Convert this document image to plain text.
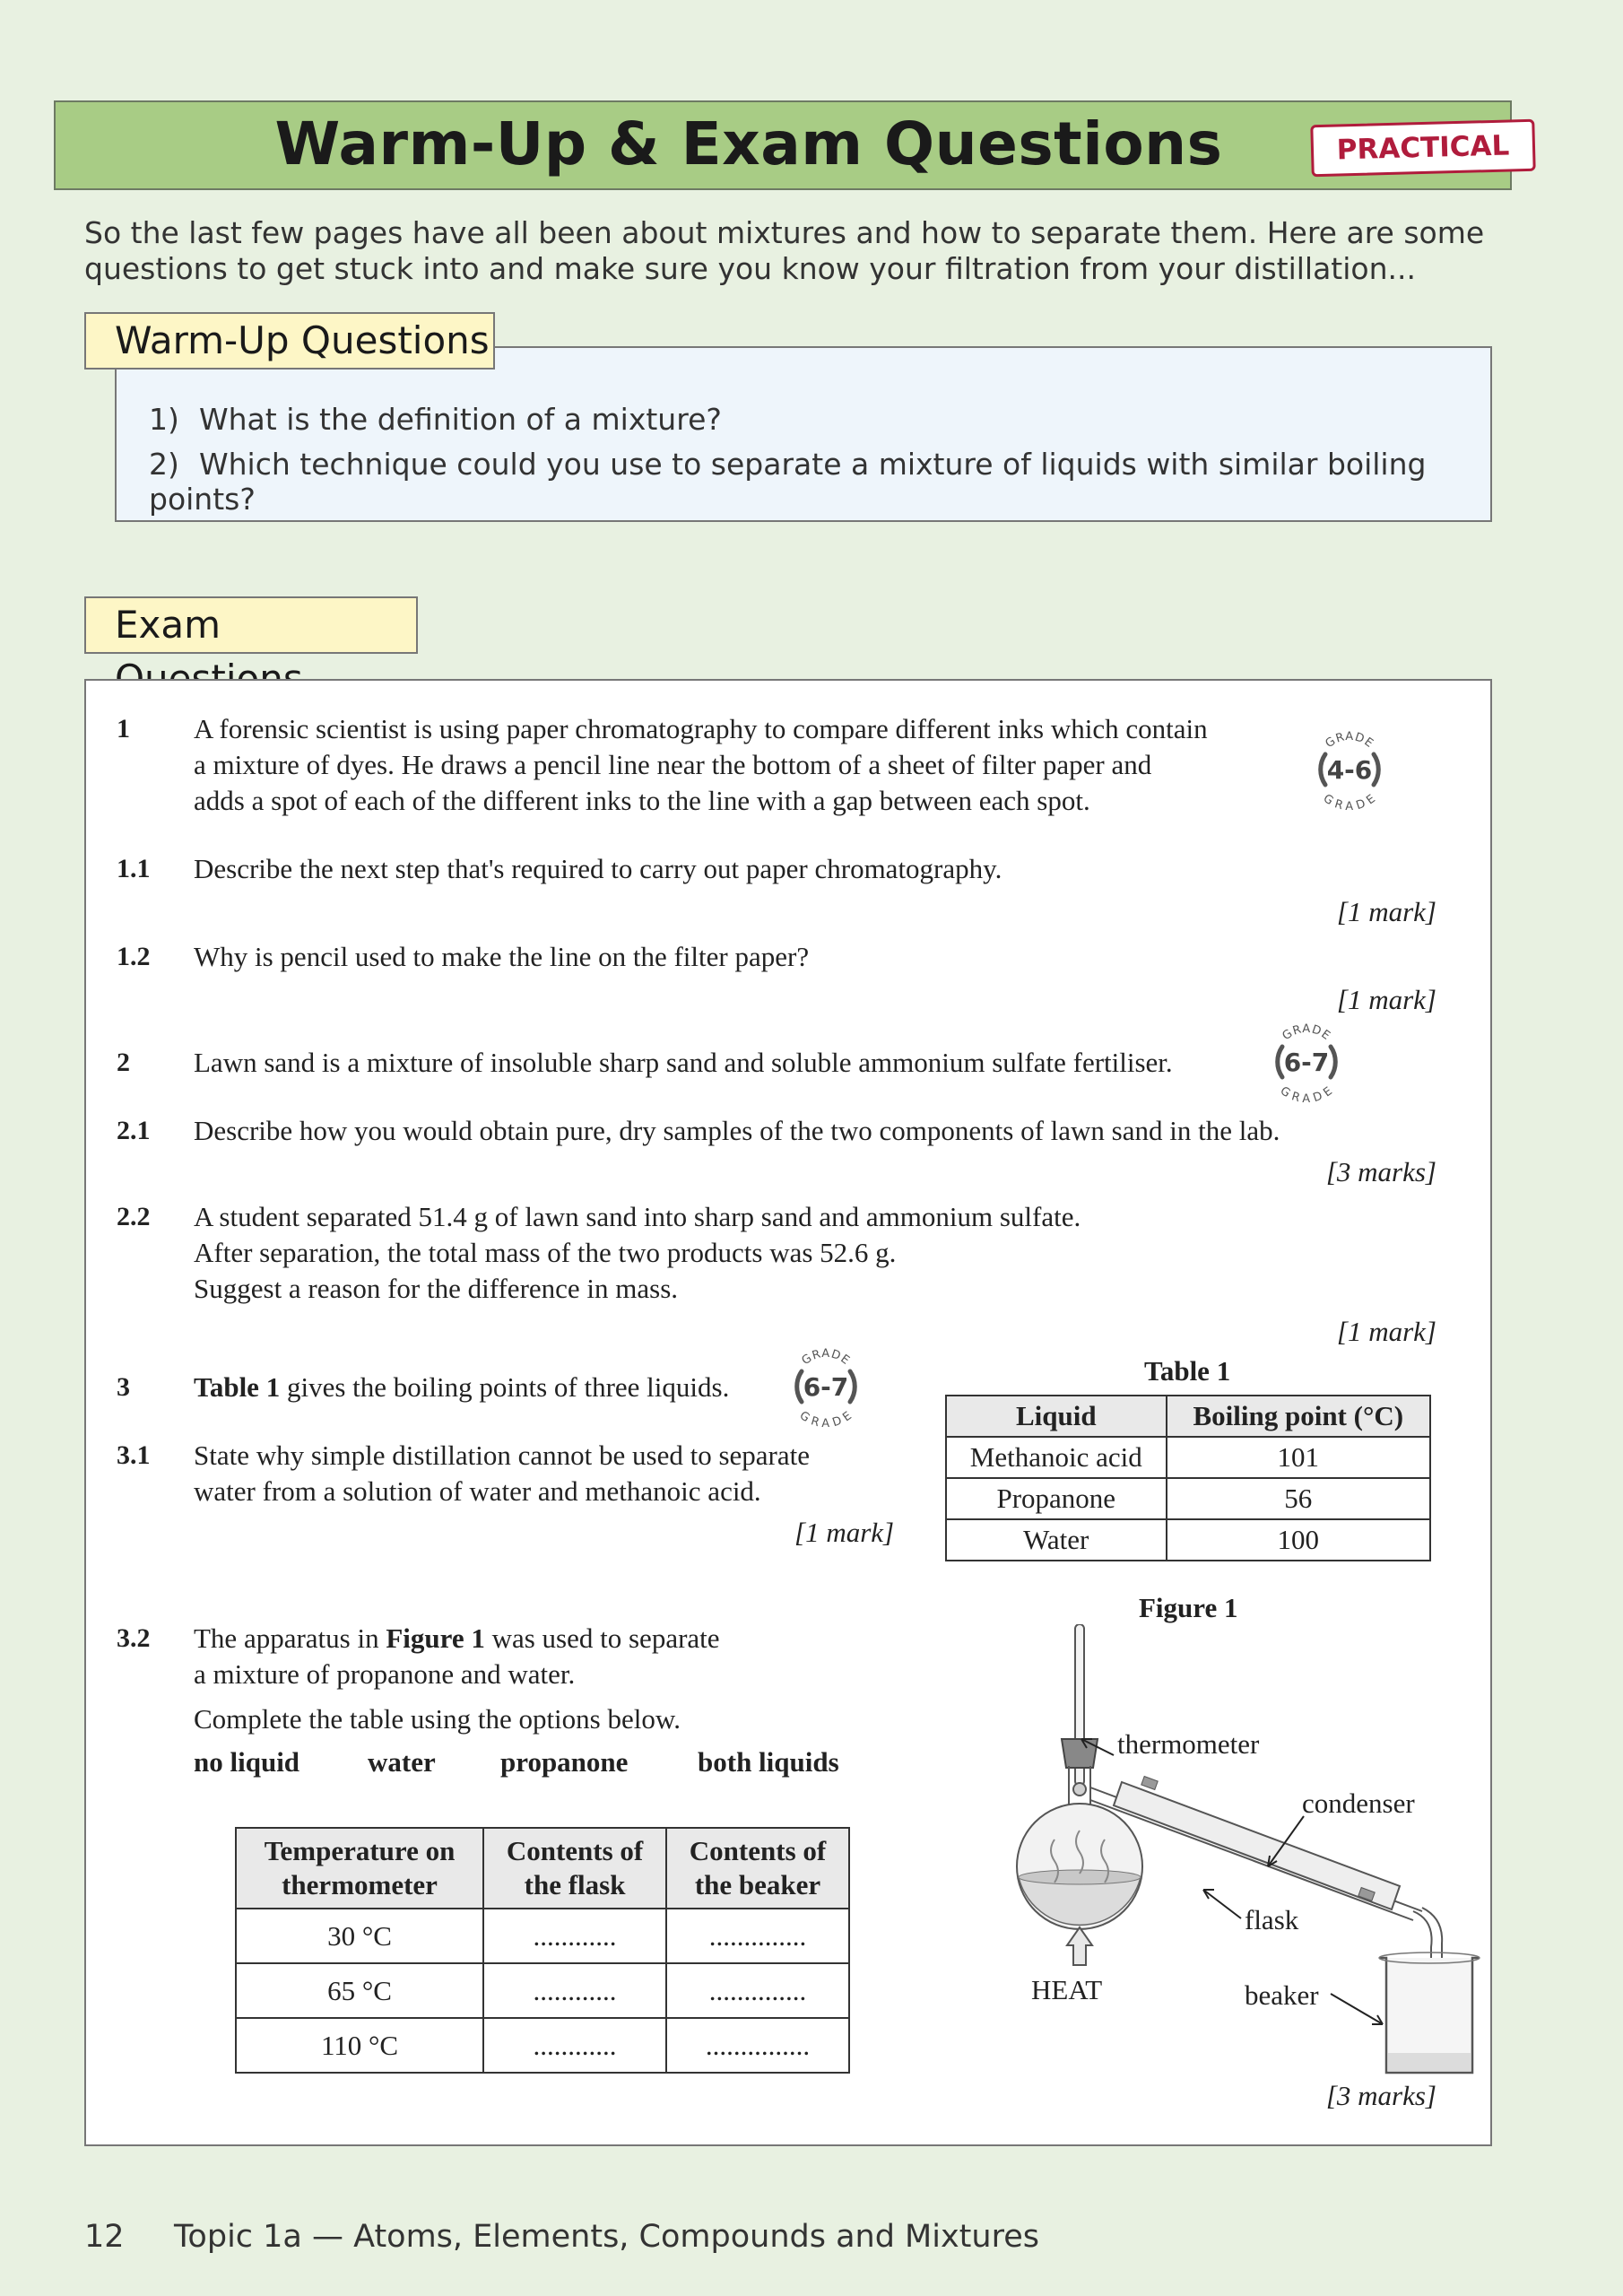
Warm-Up & Exam Questions	PRACTICAL
So the last few pages have all been about mixtures and how to separate them. Here are some questions to get stuck into and make sure you know your filtration from your distillation...
1) What is the definition of a mixture?
2) Which technique could you use to separate a mixture of liquids with similar boiling points?
Warm-Up Questions
Exam
1 A forensic scientist is using paper chromatography to compare different inks which contain
a mixture of dyes. He draws a pencil line near the bottom of a sheet of filter paper and
adds a spot of each of the different inks to the line with a gap between each spot.
GRADE
GRADE
4-6
1.1 Describe the next step that's required to carry out paper chromatography.
[1 mark]
1.2 Why is pencil used to make the line on the filter paper?
[1 mark]
2 Lawn sand is a mixture of insoluble sharp sand and soluble ammonium sulfate fertiliser.
GRADE
GRADE
6-7
2.1 Describe how you would obtain pure, dry samples of the two components of lawn sand in the lab.
[3 marks]
2.2 A student separated 51.4 g of lawn sand into sharp sand and ammonium sulfate.
After separation, the total mass of the two products was 52.6 g.
Suggest a reason for the difference in mass.
[1 mark]
3 Table 1 gives the boiling points of three liquids.
GRADE
GRADE
6-7
3.1 State why simple distillation cannot be used to separate
water from a solution of water and methanoic acid.
[1 mark]
Table 1
Liquid	Boiling point (°C)
Methanoic acid	101
Propanone	56
Water	100
3.2 The apparatus in Figure 1 was used to separate
a mixture of propanone and water.
Complete the table using the options below.
no liquid water propanone	both liquids
Temperature on
thermometer	Contents of
the flask	Contents of
the beaker
30 °C	............	..............
65 °C	............	..............
110 °C	............	...............
Figure 1
thermometer
condenser
flask
HEAT	beaker
[3 marks]
12 Topic 1a — Atoms, Elements, Compounds and Mixtures
